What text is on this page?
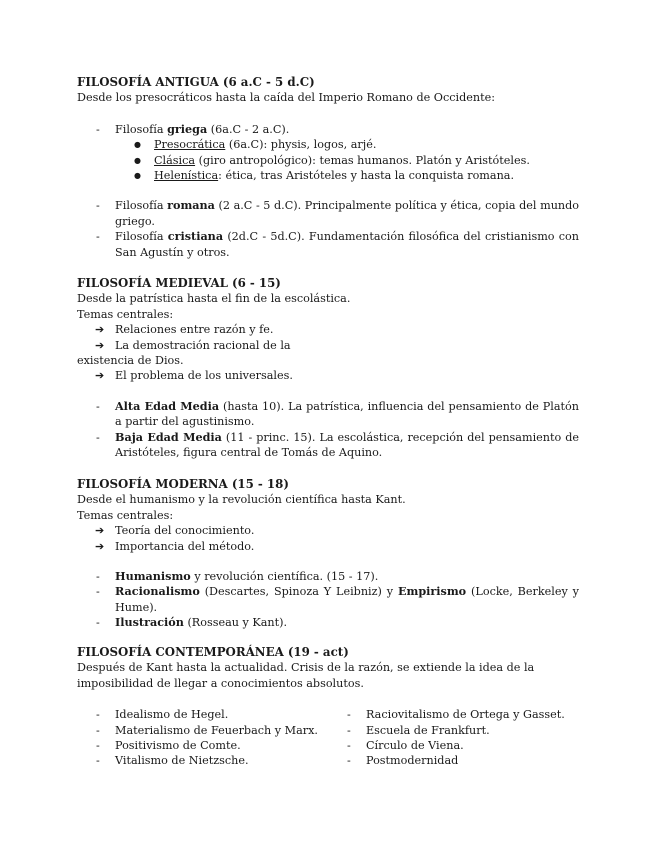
FILOSOFÍA ANTIGUA (6 a.C - 5 d.C)

Desde los presocráticos hasta la caída del Imperio Romano de Occidente:

- Filosofía griega (6a.C - 2 a.C).
● Presocrática (6a.C): physis, logos, arjé.
● Clásica (giro antropológico): temas humanos. Platón y Aristóteles.
● Helenística: ética, tras Aristóteles y hasta la conquista romana.
- Filosofía romana (2 a.C - 5 d.C). Principalmente política y ética, copia del mundo griego.
- Filosofía cristiana (2d.C - 5d.C). Fundamentación filosófica del cristianismo con San Agustín y otros.

FILOSOFÍA MEDIEVAL (6 - 15)

Desde la patrística hasta el fin de la escolástica.

Temas centrales:

➔ Relaciones entre razón y fe.
➔ La demostración racional de la

existencia de Dios.

➔ El problema de los universales.
- Alta Edad Media (hasta 10). La patrística, influencia del pensamiento de Platón a partir del agustinismo.
- Baja Edad Media (11 - princ. 15). La escolástica, recepción del pensamiento de Aristóteles, figura central de Tomás de Aquino.

FILOSOFÍA MODERNA (15 - 18)

Desde el humanismo y la revolución científica hasta Kant.

Temas centrales:

➔ Teoría del conocimiento.
➔ Importancia del método.
- Humanismo y revolución científica. (15 - 17).
- Racionalismo (Descartes, Spinoza Y Leibniz) y Empirismo (Locke, Berkeley y Hume).
- Ilustración (Rosseau y Kant).

FILOSOFÍA CONTEMPORÁNEA (19 - act)

Después de Kant hasta la actualidad. Crisis de la razón, se extiende la idea de la imposibilidad de llegar a conocimientos absolutos.

- Idealismo de Hegel.
- Materialismo de Feuerbach y Marx.
- Positivismo de Comte.
- Vitalismo de Nietzsche.
- Raciovitalismo de Ortega y Gasset.
- Escuela de Frankfurt.
- Círculo de Viena.
- Postmodernidad
